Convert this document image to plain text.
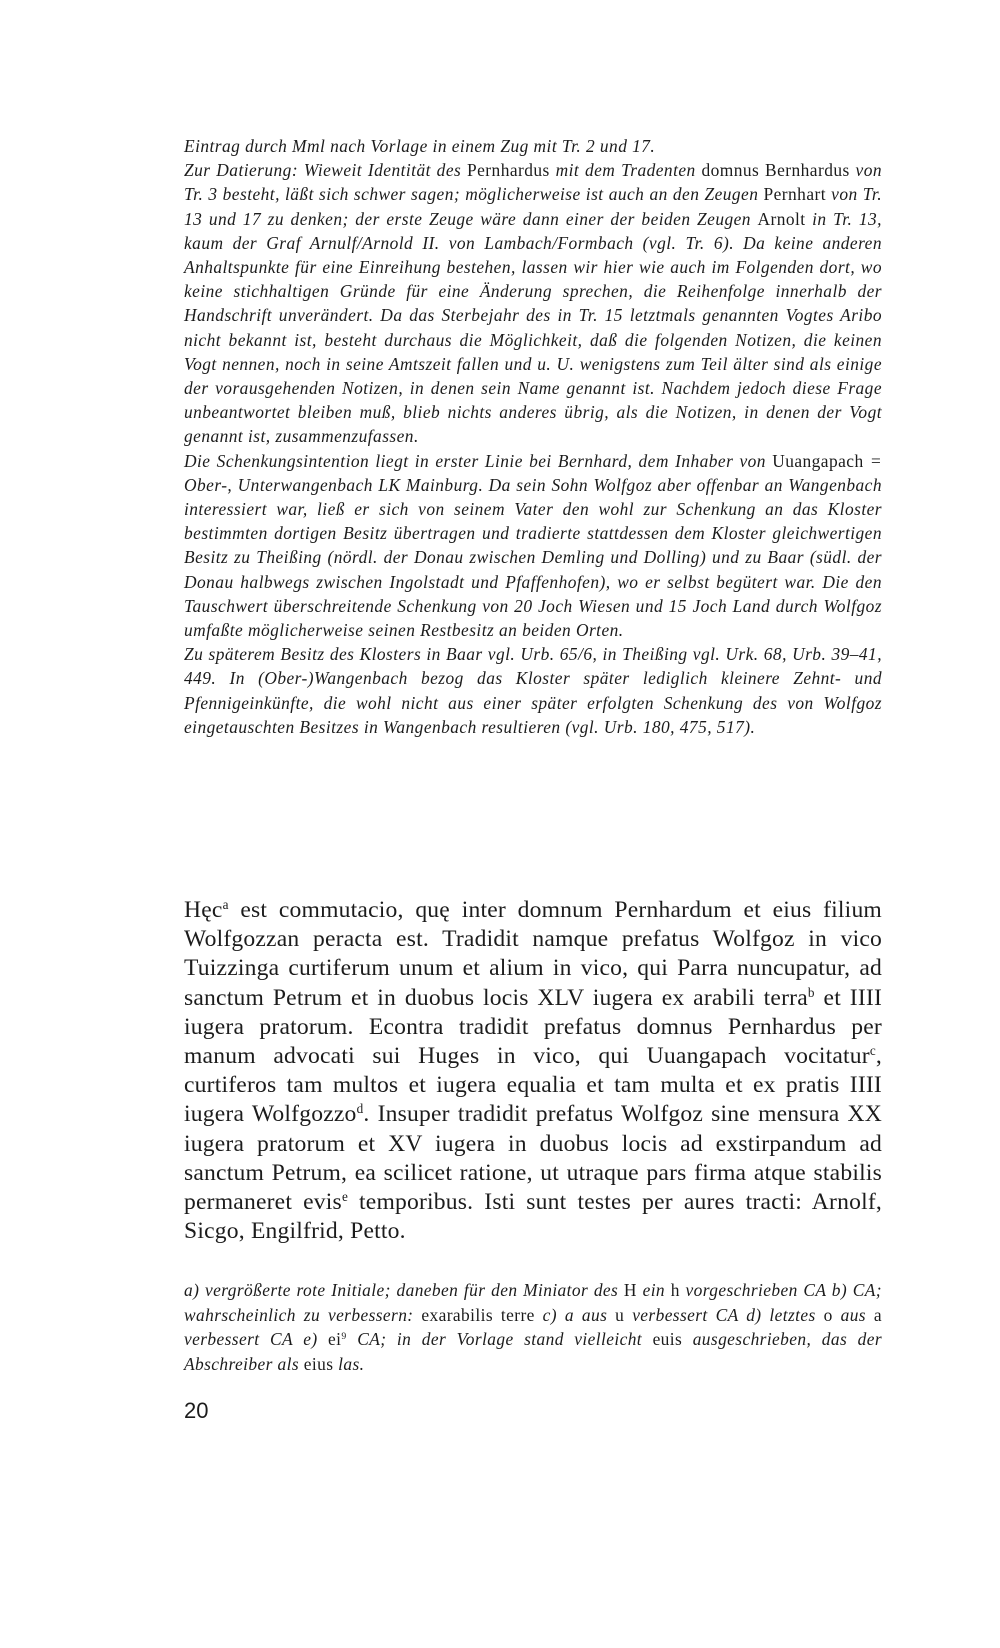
Eintrag durch Mml nach Vorlage in einem Zug mit Tr. 2 und 17.

Zur Datierung: Wieweit Identität des Pernhardus mit dem Tradenten domnus Bernhardus von Tr. 3 besteht, läßt sich schwer sagen; möglicherweise ist auch an den Zeugen Pernhart von Tr. 13 und 17 zu denken; der erste Zeuge wäre dann einer der beiden Zeugen Arnolt in Tr. 13, kaum der Graf Arnulf/Arnold II. von Lambach/Formbach (vgl. Tr. 6). Da keine anderen Anhaltspunkte für eine Einreihung bestehen, lassen wir hier wie auch im Folgenden dort, wo keine stichhaltigen Gründe für eine Änderung sprechen, die Reihenfolge innerhalb der Handschrift unverändert. Da das Sterbejahr des in Tr. 15 letztmals genannten Vogtes Aribo nicht bekannt ist, besteht durchaus die Möglichkeit, daß die folgenden Notizen, die keinen Vogt nennen, noch in seine Amtszeit fallen und u. U. wenigstens zum Teil älter sind als einige der vorausgehenden Notizen, in denen sein Name genannt ist. Nachdem jedoch diese Frage unbeantwortet bleiben muß, blieb nichts anderes übrig, als die Notizen, in denen der Vogt genannt ist, zusammenzufassen.

Die Schenkungsintention liegt in erster Linie bei Bernhard, dem Inhaber von Uuangapach = Ober-, Unterwangenbach LK Mainburg. Da sein Sohn Wolfgoz aber offenbar an Wangenbach interessiert war, ließ er sich von seinem Vater den wohl zur Schenkung an das Kloster bestimmten dortigen Besitz übertragen und tradierte stattdessen dem Kloster gleichwertigen Besitz zu Theißing (nördl. der Donau zwischen Demling und Dolling) und zu Baar (südl. der Donau halbwegs zwischen Ingolstadt und Pfaffenhofen), wo er selbst begütert war. Die den Tauschwert überschreitende Schenkung von 20 Joch Wiesen und 15 Joch Land durch Wolfgoz umfaßte möglicherweise seinen Restbesitz an beiden Orten.

Zu späterem Besitz des Klosters in Baar vgl. Urb. 65/6, in Theißing vgl. Urk. 68, Urb. 39–41, 449. In (Ober-)Wangenbach bezog das Kloster später lediglich kleinere Zehnt- und Pfennigeinkünfte, die wohl nicht aus einer später erfolgten Schenkung des von Wolfgoz eingetauschten Besitzes in Wangenbach resultieren (vgl. Urb. 180, 475, 517).

Hęc$^a$ est commutacio, quę inter domnum Pernhardum et eius filium Wolfgozzan peracta est. Tradidit namque prefatus Wolfgoz in vico Tuizzinga curtiferum unum et alium in vico, qui Parra nuncupatur, ad sanctum Petrum et in duobus locis XLV iugera ex arabili terra$^b$ et IIII iugera pratorum. Econtra tradidit prefatus domnus Pernhardus per manum advocati sui Huges in vico, qui Uuangapach vocitatur$^c$, curtiferos tam multos et iugera equalia et tam multa et ex pratis IIII iugera Wolfgozzo$^d$. Insuper tradidit prefatus Wolfgoz sine mensura XX iugera pratorum et XV iugera in duobus locis ad exstirpandum ad sanctum Petrum, ea scilicet ratione, ut utraque pars firma atque stabilis permaneret evis$^e$ temporibus. Isti sunt testes per aures tracti: Arnolf, Sicgo, Engilfrid, Petto.

a) vergrößerte rote Initiale; daneben für den Miniator des H ein h vorgeschrieben CA b) CA; wahrscheinlich zu verbessern: exarabilis terre c) a aus u verbessert CA d) letztes o aus a verbessert CA e) $ei^9$ CA; in der Vorlage stand vielleicht euis ausgeschrieben, das der Abschreiber als eius las.

20
